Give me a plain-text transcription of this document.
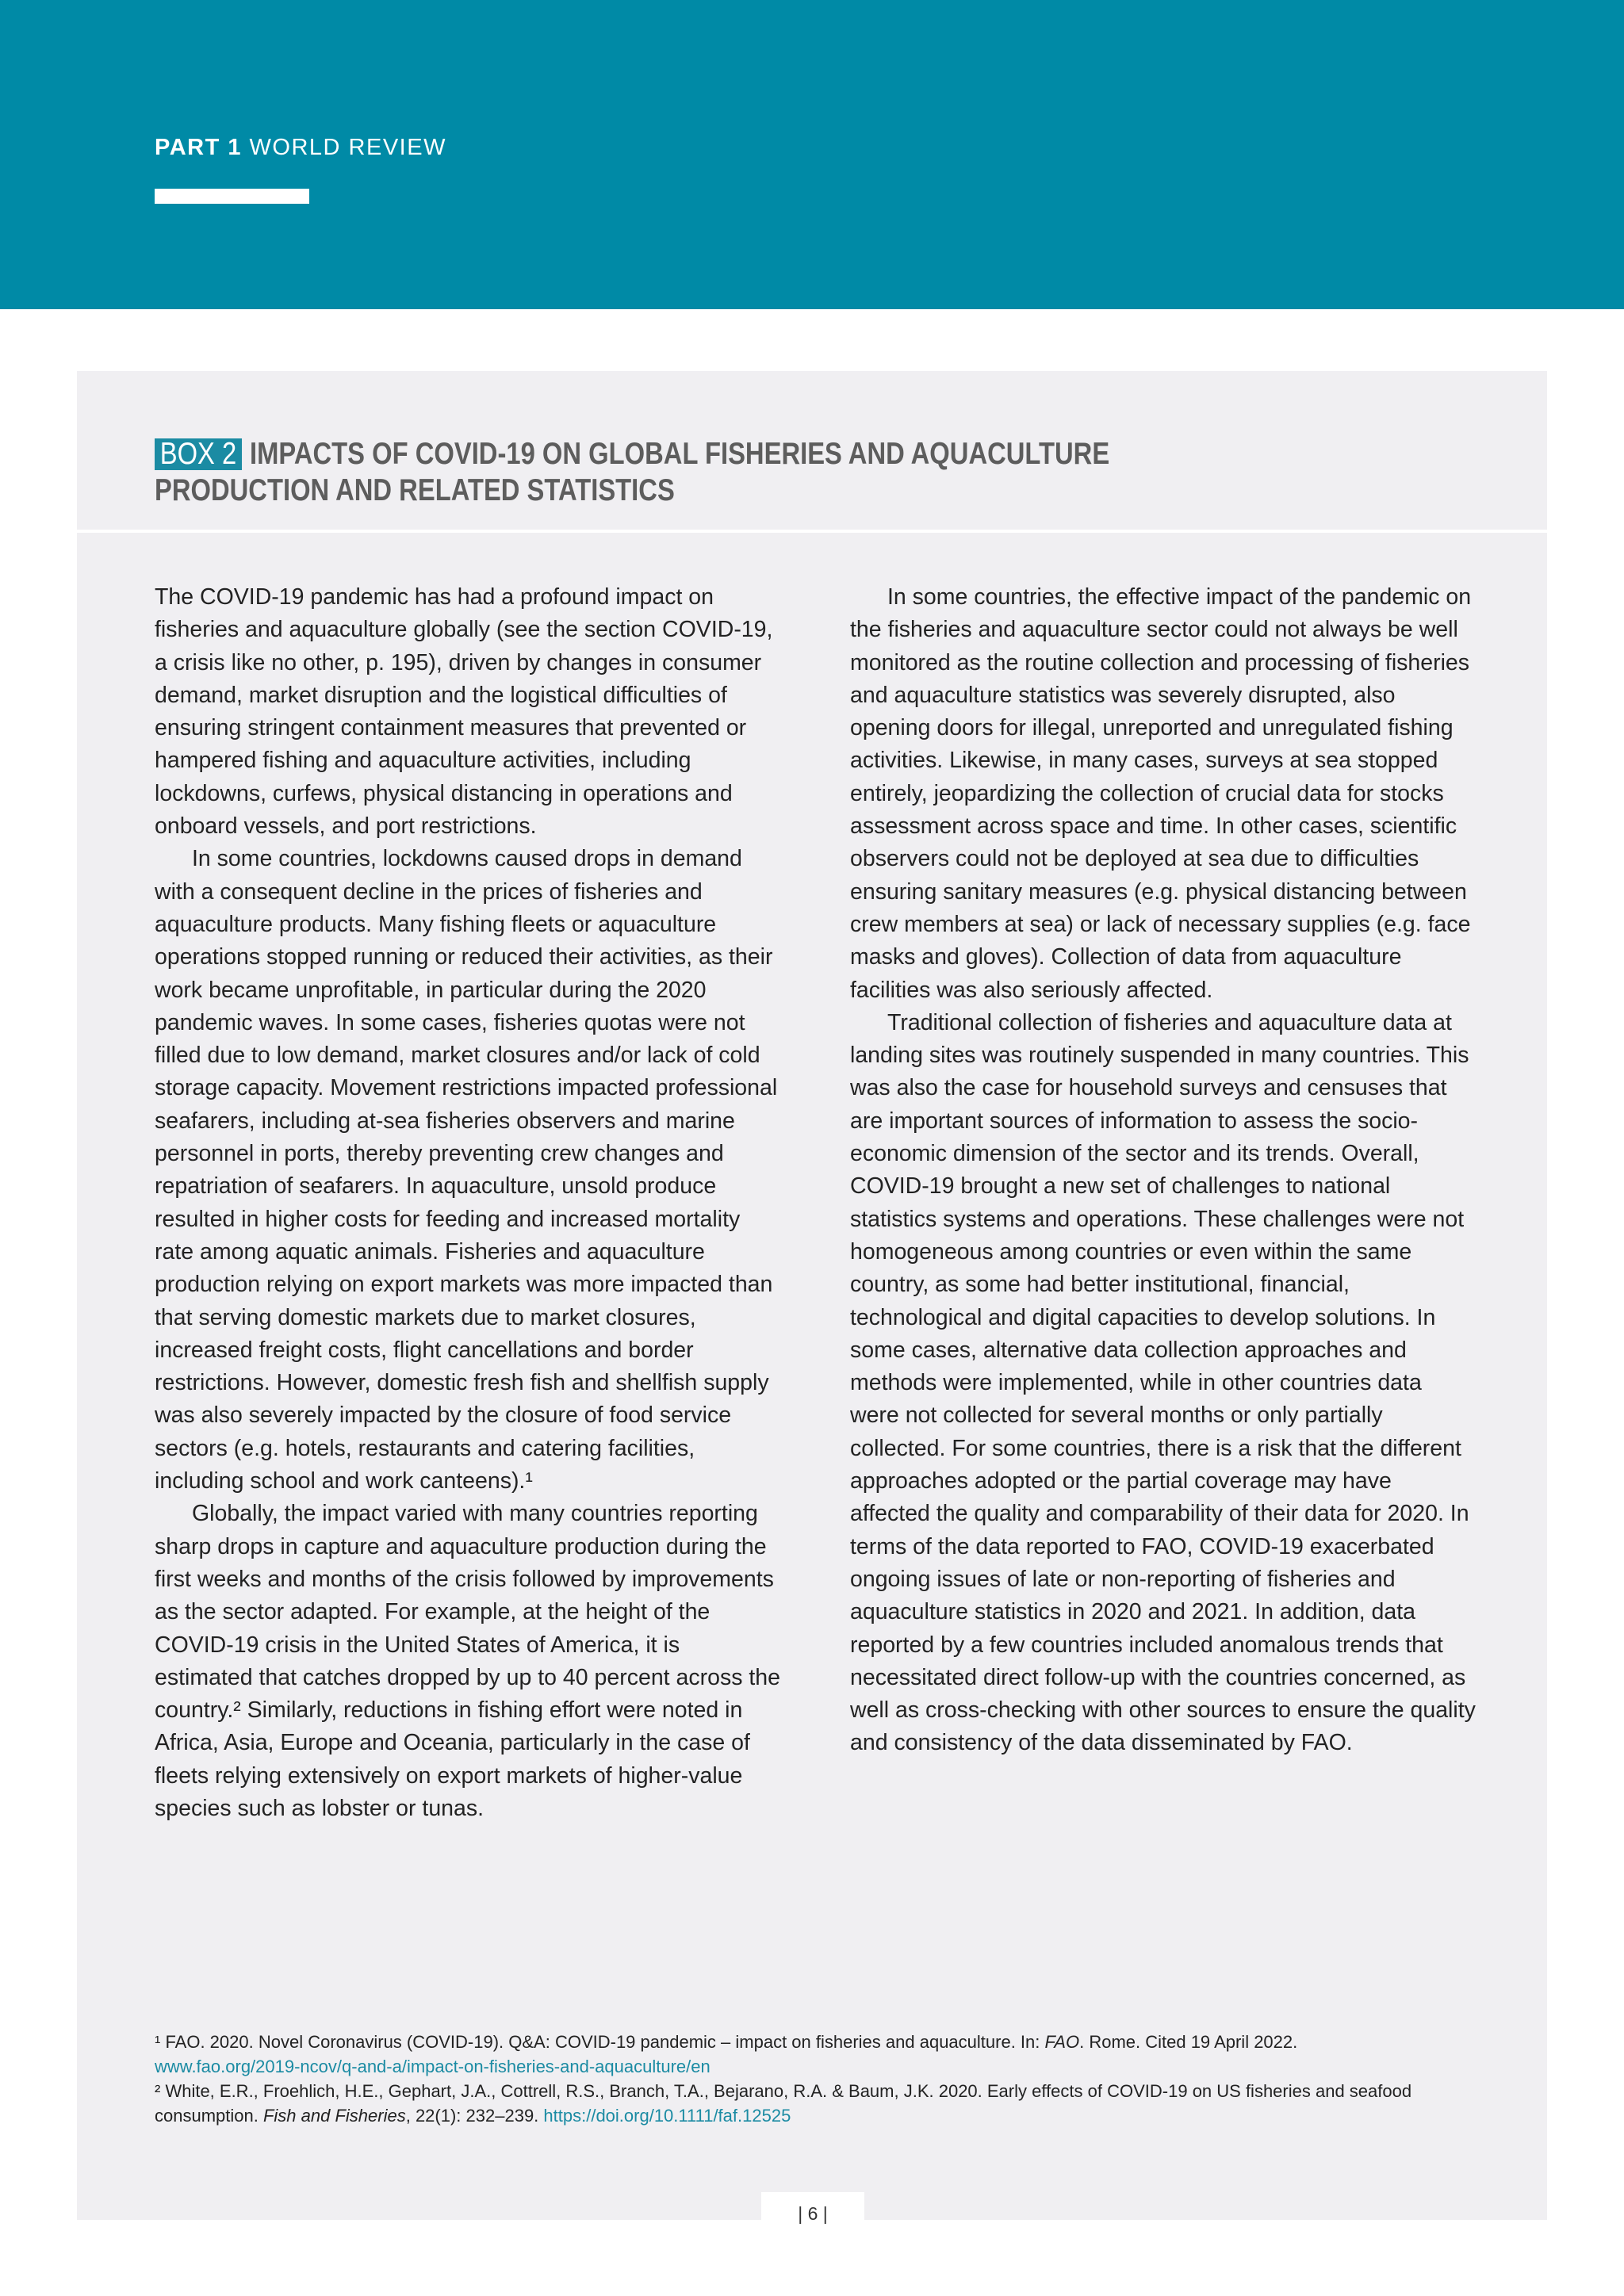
PART 1 WORLD REVIEW
BOX 2 IMPACTS OF COVID-19 ON GLOBAL FISHERIES AND AQUACULTURE PRODUCTION AND RELATED STATISTICS

The COVID-19 pandemic has had a profound impact on fisheries and aquaculture globally (see the section COVID-19, a crisis like no other, p. 195), driven by changes in consumer demand, market disruption and the logistical difficulties of ensuring stringent containment measures that prevented or hampered fishing and aquaculture activities, including lockdowns, curfews, physical distancing in operations and onboard vessels, and port restrictions.

In some countries, lockdowns caused drops in demand with a consequent decline in the prices of fisheries and aquaculture products. Many fishing fleets or aquaculture operations stopped running or reduced their activities, as their work became unprofitable, in particular during the 2020 pandemic waves. In some cases, fisheries quotas were not filled due to low demand, market closures and/or lack of cold storage capacity. Movement restrictions impacted professional seafarers, including at-sea fisheries observers and marine personnel in ports, thereby preventing crew changes and repatriation of seafarers. In aquaculture, unsold produce resulted in higher costs for feeding and increased mortality rate among aquatic animals. Fisheries and aquaculture production relying on export markets was more impacted than that serving domestic markets due to market closures, increased freight costs, flight cancellations and border restrictions. However, domestic fresh fish and shellfish supply was also severely impacted by the closure of food service sectors (e.g. hotels, restaurants and catering facilities, including school and work canteens).¹

Globally, the impact varied with many countries reporting sharp drops in capture and aquaculture production during the first weeks and months of the crisis followed by improvements as the sector adapted. For example, at the height of the COVID-19 crisis in the United States of America, it is estimated that catches dropped by up to 40 percent across the country.² Similarly, reductions in fishing effort were noted in Africa, Asia, Europe and Oceania, particularly in the case of fleets relying extensively on export markets of higher-value species such as lobster or tunas.

In some countries, the effective impact of the pandemic on the fisheries and aquaculture sector could not always be well monitored as the routine collection and processing of fisheries and aquaculture statistics was severely disrupted, also opening doors for illegal, unreported and unregulated fishing activities. Likewise, in many cases, surveys at sea stopped entirely, jeopardizing the collection of crucial data for stocks assessment across space and time. In other cases, scientific observers could not be deployed at sea due to difficulties ensuring sanitary measures (e.g. physical distancing between crew members at sea) or lack of necessary supplies (e.g. face masks and gloves). Collection of data from aquaculture facilities was also seriously affected.

Traditional collection of fisheries and aquaculture data at landing sites was routinely suspended in many countries. This was also the case for household surveys and censuses that are important sources of information to assess the socio-economic dimension of the sector and its trends. Overall, COVID-19 brought a new set of challenges to national statistics systems and operations. These challenges were not homogeneous among countries or even within the same country, as some had better institutional, financial, technological and digital capacities to develop solutions. In some cases, alternative data collection approaches and methods were implemented, while in other countries data were not collected for several months or only partially collected. For some countries, there is a risk that the different approaches adopted or the partial coverage may have affected the quality and comparability of their data for 2020. In terms of the data reported to FAO, COVID-19 exacerbated ongoing issues of late or non-reporting of fisheries and aquaculture statistics in 2020 and 2021. In addition, data reported by a few countries included anomalous trends that necessitated direct follow-up with the countries concerned, as well as cross-checking with other sources to ensure the quality and consistency of the data disseminated by FAO.

¹ FAO. 2020. Novel Coronavirus (COVID-19). Q&A: COVID-19 pandemic – impact on fisheries and aquaculture. In: FAO. Rome. Cited 19 April 2022.
www.fao.org/2019-ncov/q-and-a/impact-on-fisheries-and-aquaculture/en

² White, E.R., Froehlich, H.E., Gephart, J.A., Cottrell, R.S., Branch, T.A., Bejarano, R.A. & Baum, J.K. 2020. Early effects of COVID-19 on US fisheries and seafood consumption. Fish and Fisheries, 22(1): 232–239. https://doi.org/10.1111/faf.12525

| 6 |
